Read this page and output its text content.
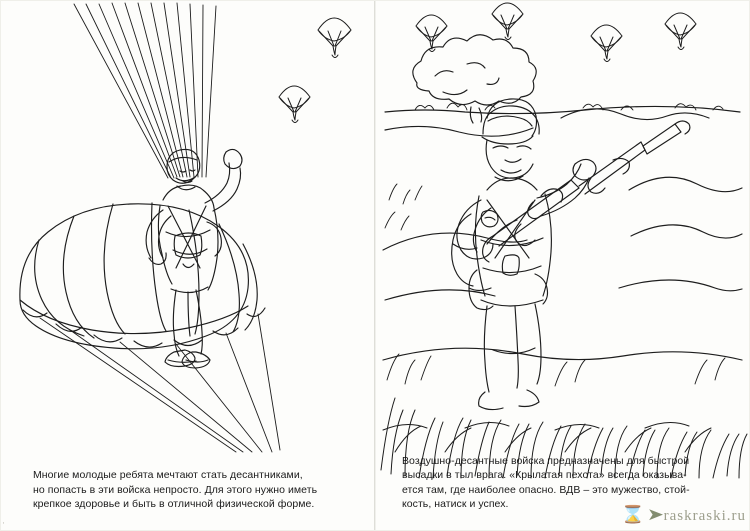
Многие молодые ребята мечтают стать десантниками,

но попасть в эти войска непросто. Для этого нужно иметь

крепкое здоровье и быть в отличной физической форме.

Воздушно-десантные войска предназначены для быстрой

высадки в тыл врага. «Крылатая пехота» всегда оказыва-

ется там, где наиболее опасно. ВДВ – это мужество, стой-

кость, натиск и успех.

⌛➤raskraski.ru
·
